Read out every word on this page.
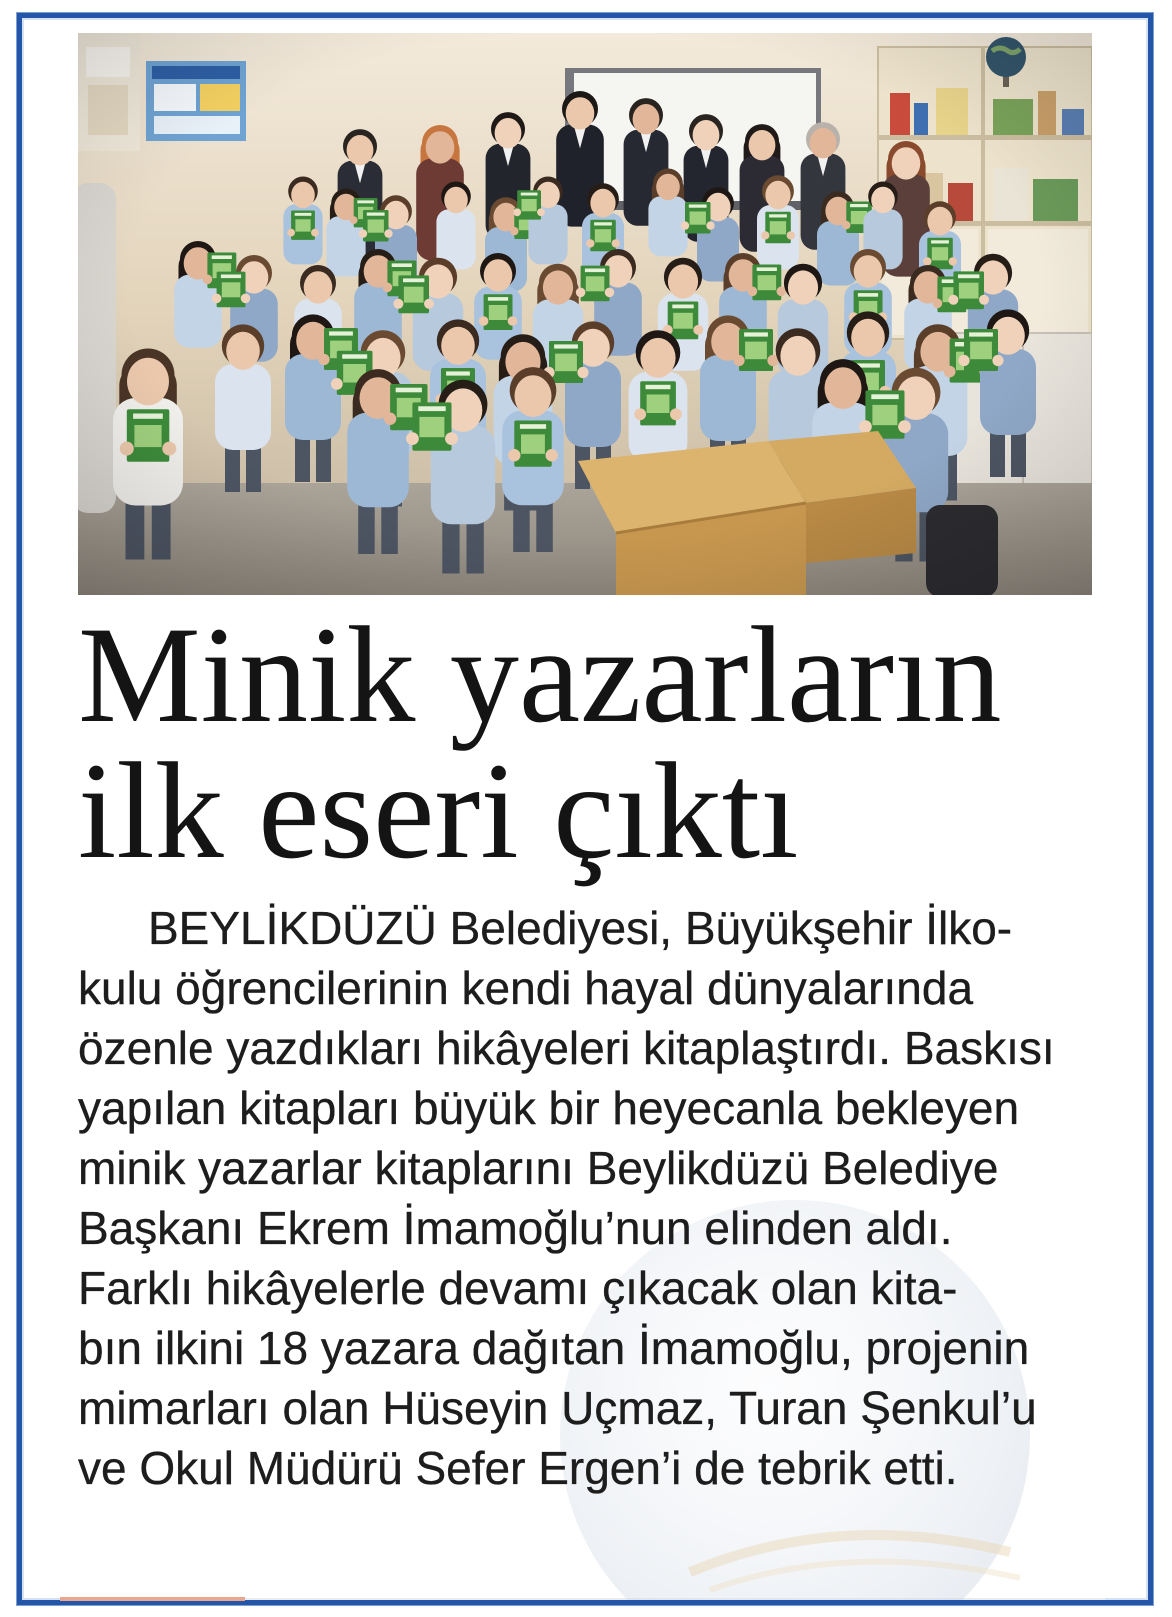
Minik yazarların
ilk eseri çıktı
BEYLİKDÜZÜ Belediyesi, Büyükşehir İlko-
kulu öğrencilerinin kendi hayal dünyalarında
özenle yazdıkları hikâyeleri kitaplaştırdı. Baskısı
yapılan kitapları büyük bir heyecanla bekleyen
minik yazarlar kitaplarını Beylikdüzü Belediye
Başkanı Ekrem İmamoğlu’nun elinden aldı.
Farklı hikâyelerle devamı çıkacak olan kita-
bın ilkini 18 yazara dağıtan İmamoğlu, projenin
mimarları olan Hüseyin Uçmaz, Turan Şenkul’u
ve Okul Müdürü Sefer Ergen’i de tebrik etti.
